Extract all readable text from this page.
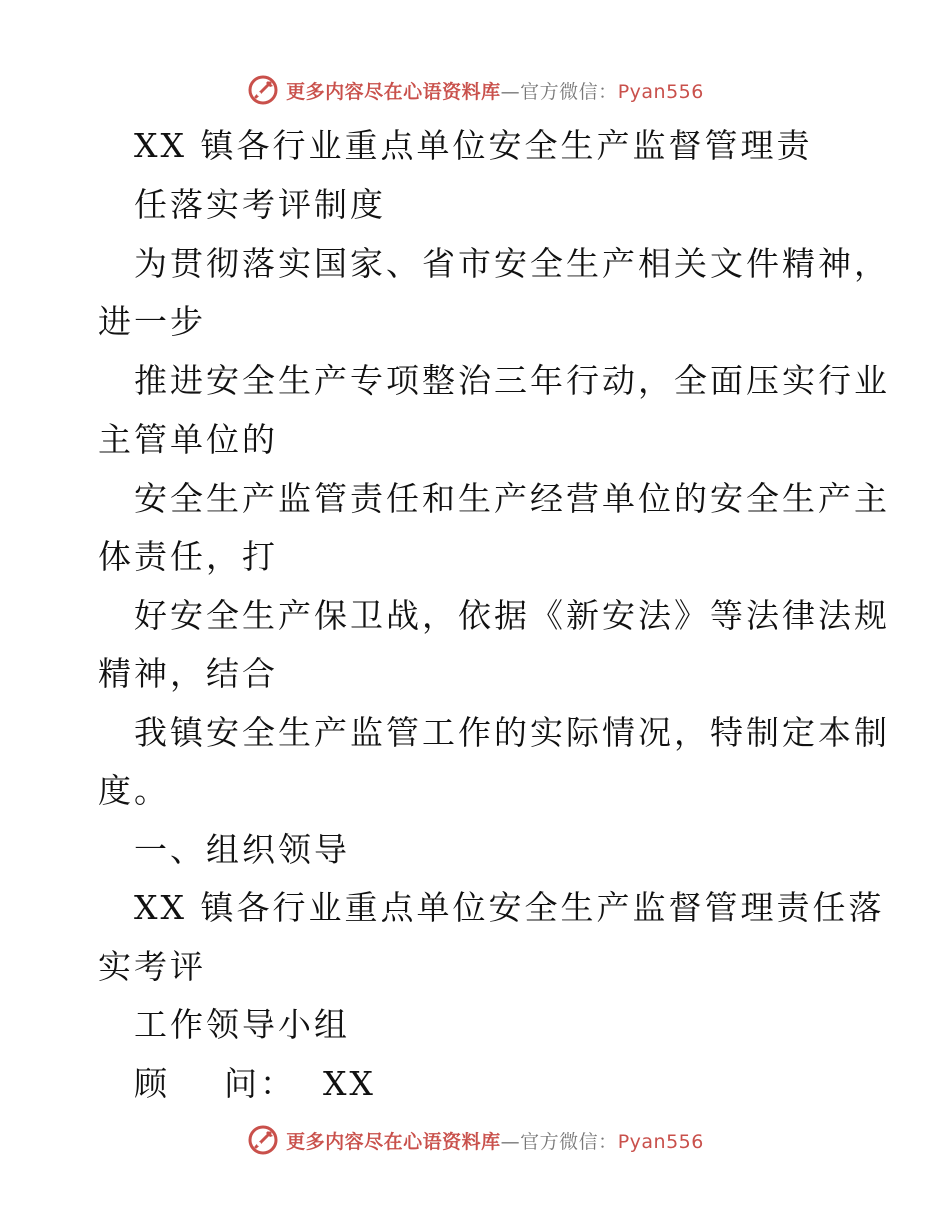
更多内容尽在心语资料库—官方微信：Pyan556
XX 镇各行业重点单位安全生产监督管理责
任落实考评制度
为贯彻落实国家、省市安全生产相关文件精神，
进一步
推进安全生产专项整治三年行动，全面压实行业
主管单位的
安全生产监管责任和生产经营单位的安全生产主
体责任，打
好安全生产保卫战，依据《新安法》等法律法规
精神，结合
我镇安全生产监管工作的实际情况，特制定本制
度。
一、组织领导
XX 镇各行业重点单位安全生产监督管理责任落
实考评
工作领导小组
顾    问：  XX
更多内容尽在心语资料库—官方微信：Pyan556
